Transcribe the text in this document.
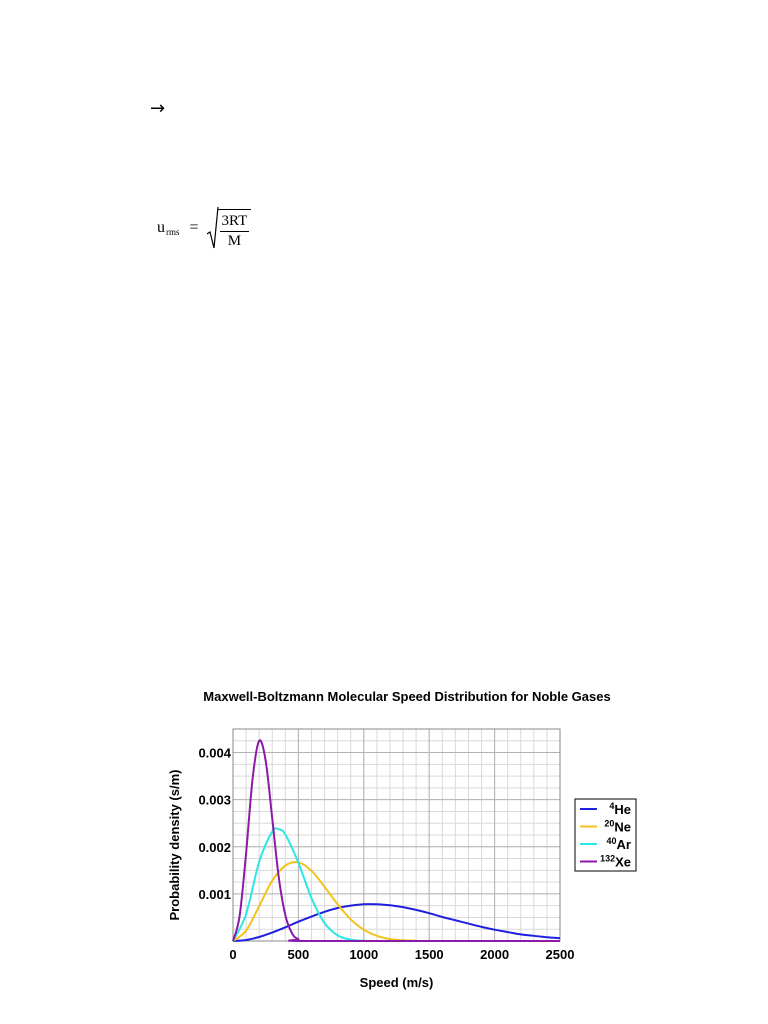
→
u rms = $\frac{3RT}{M}$
Maxwell-Boltzmann Molecular Speed Distribution for Noble Gases
0	500	1000	1500	2000	2500
0.001
0.002
0.003
0.004
Speed (m/s)
Probability density (s/m)	$^4$He
$^{20}$Ne
$^{40}$Ar
$^{132}$Xe
